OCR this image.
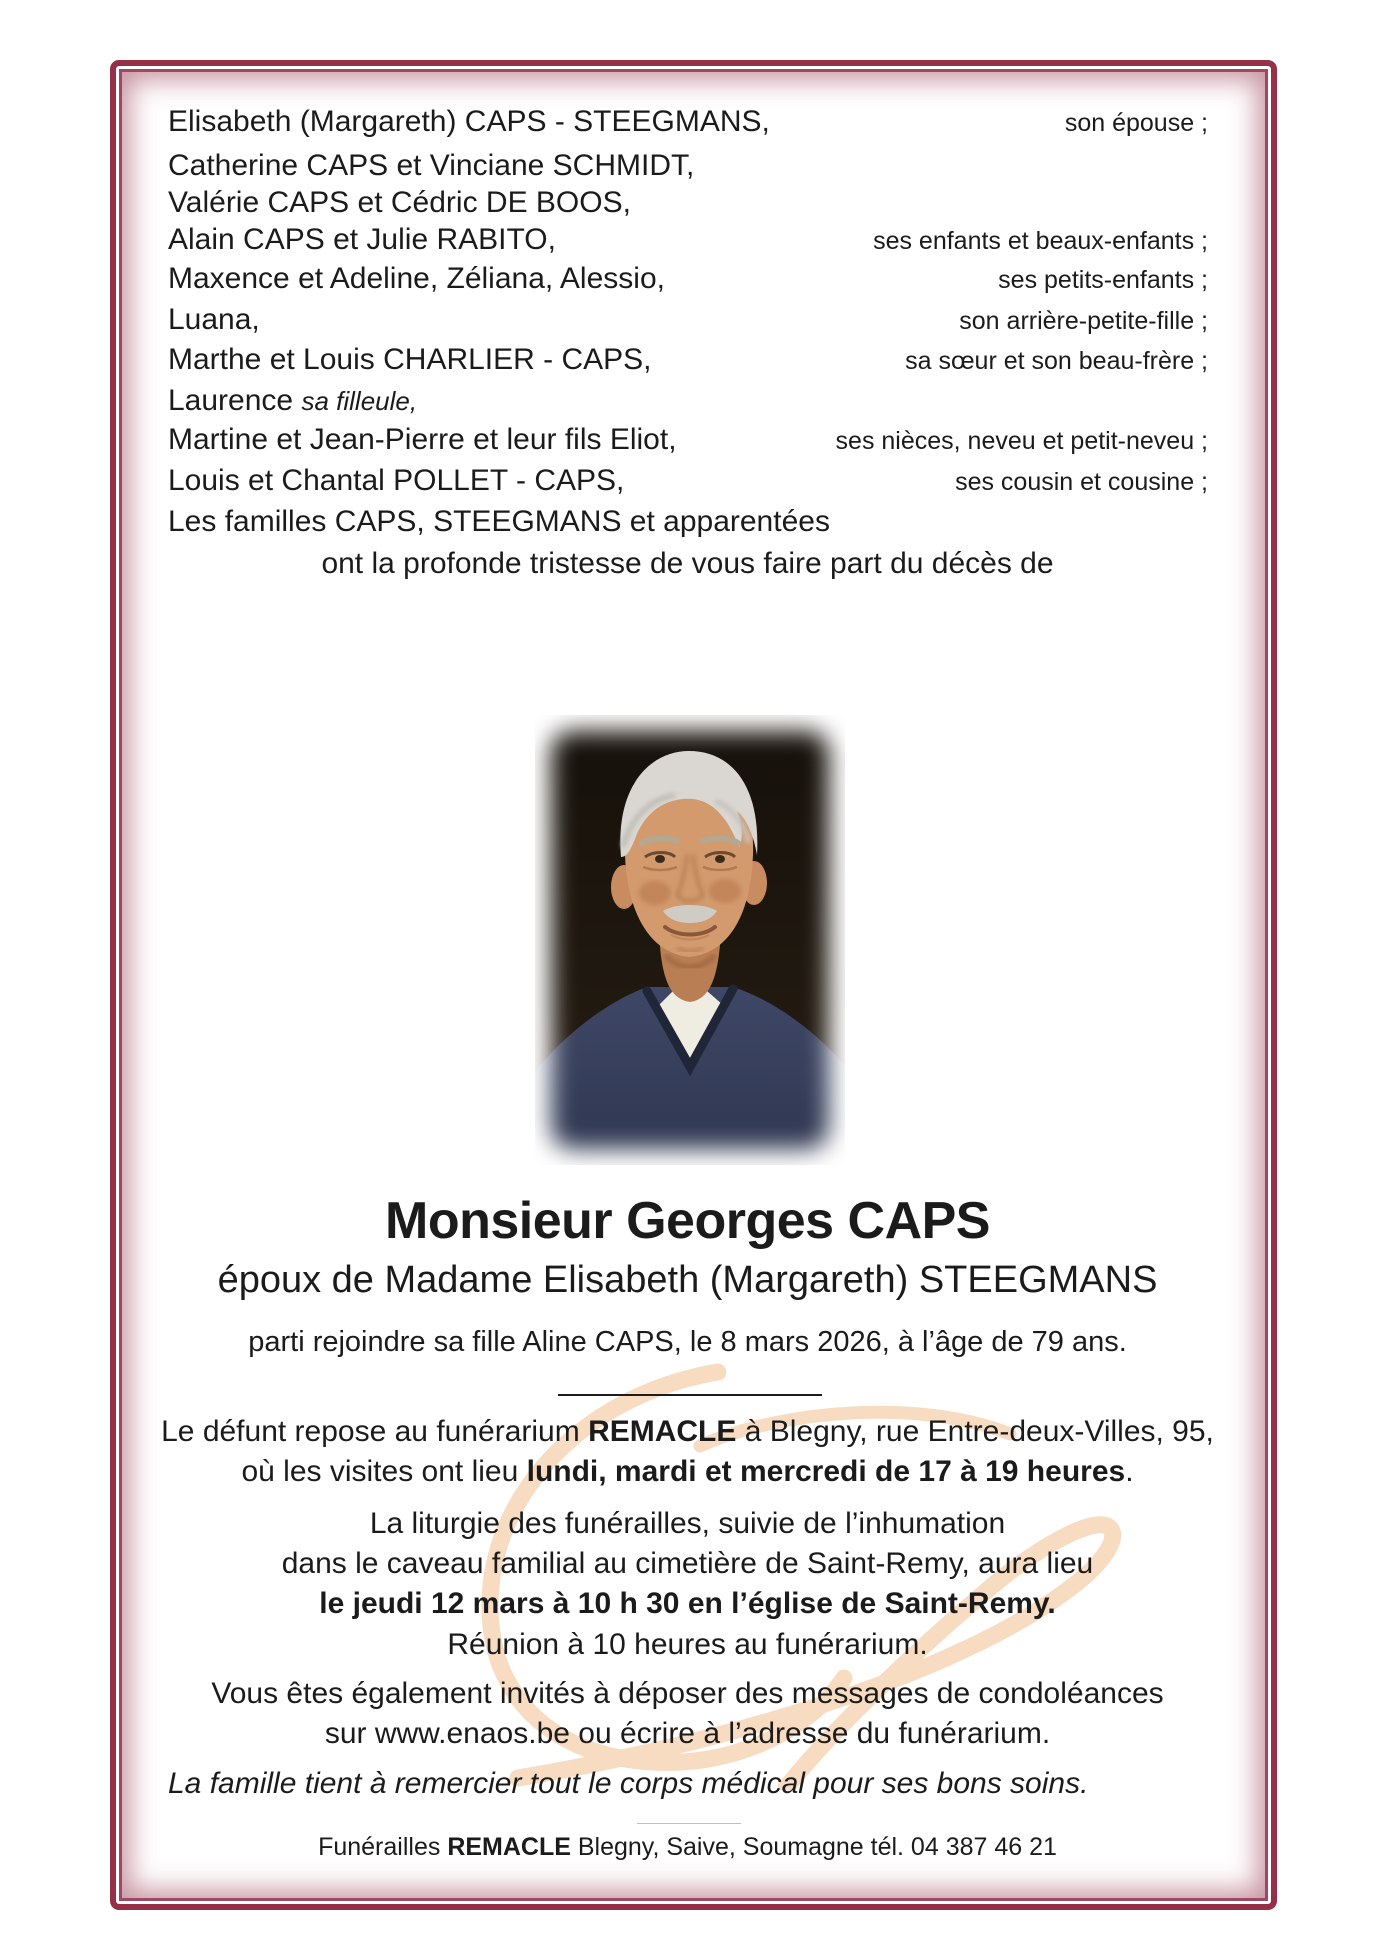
Elisabeth (Margareth) CAPS - STEEGMANS,	son épouse ;
Catherine CAPS et Vinciane SCHMIDT,
Valérie CAPS et Cédric DE BOOS,
Alain CAPS et Julie RABITO,	ses enfants et beaux-enfants ;
Maxence et Adeline, Zéliana, Alessio,	ses petits-enfants ;
Luana,	son arrière-petite-fille ;
Marthe et Louis CHARLIER - CAPS,	sa sœur et son beau-frère ;
Laurence sa filleule,
Martine et Jean-Pierre et leur fils Eliot,	ses nièces, neveu et petit-neveu ;
Louis et Chantal POLLET - CAPS,	ses cousin et cousine ;
Les familles CAPS, STEEGMANS et apparentées
ont la profonde tristesse de vous faire part du décès de
Monsieur Georges CAPS
époux de Madame Elisabeth (Margareth) STEEGMANS
parti rejoindre sa fille Aline CAPS, le 8 mars 2026, à l’âge de 79 ans.
Le défunt repose au funérarium REMACLE à Blegny, rue Entre-deux-Villes, 95,
où les visites ont lieu lundi, mardi et mercredi de 17 à 19 heures.
La liturgie des funérailles, suivie de l’inhumation
dans le caveau familial au cimetière de Saint-Remy, aura lieu
le jeudi 12 mars à 10 h 30 en l’église de Saint-Remy.
Réunion à 10 heures au funérarium.
Vous êtes également invités à déposer des messages de condoléances
sur www.enaos.be ou écrire à l’adresse du funérarium.
La famille tient à remercier tout le corps médical pour ses bons soins.
Funérailles REMACLE Blegny, Saive, Soumagne tél. 04 387 46 21
